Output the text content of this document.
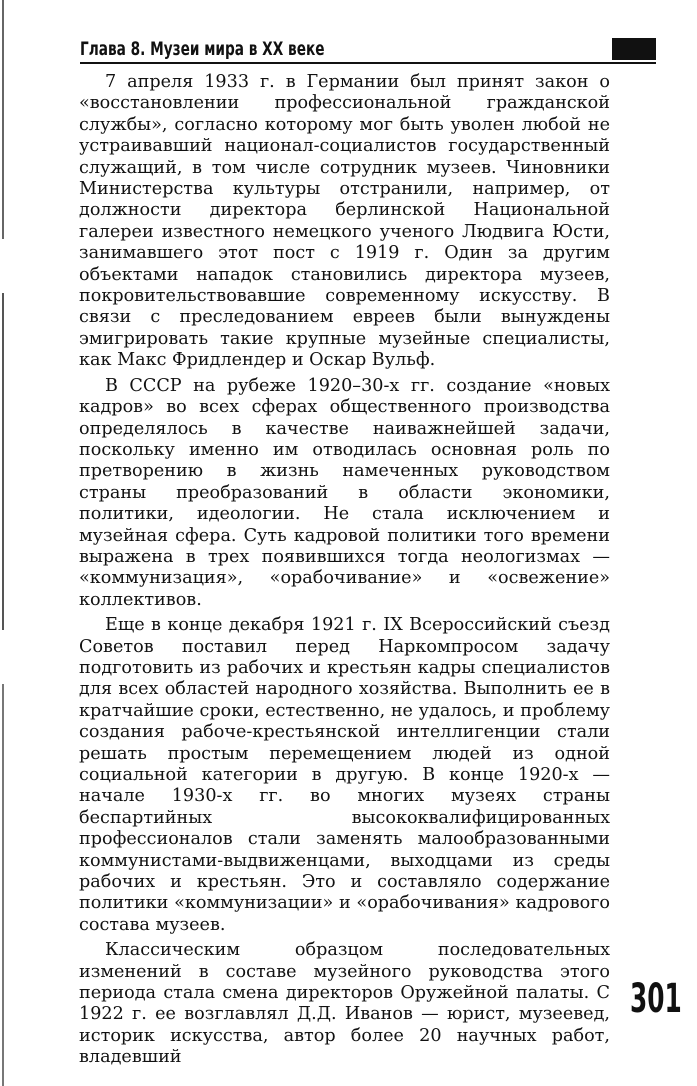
Глава 8. Музеи мира в XX веке

7 апреля 1933 г. в Германии был принят закон о «восстановлении профессиональной гражданской службы», согласно которому мог быть уволен любой не устраивавший национал-социалистов государственный служащий, в том числе сотрудник музеев. Чиновники Министерства культуры отстранили, например, от должности директора берлинской Национальной галереи известного немецкого ученого Людвига Юсти, занимавшего этот пост с 1919 г. Один за другим объектами нападок становились директора музеев, покровительствовавшие современному искусству. В связи с преследованием евреев были вынуждены эмигрировать такие крупные музейные специалисты, как Макс Фридлендер и Оскар Вульф.

В СССР на рубеже 1920–30-х гг. создание «новых кадров» во всех сферах общественного производства определялось в качестве наиважнейшей задачи, поскольку именно им отводилась основная роль по претворению в жизнь намеченных руководством страны преобразований в области экономики, политики, идеологии. Не стала исключением и музейная сфера. Суть кадровой политики того времени выражена в трех появившихся тогда неологизмах — «коммунизация», «орабочивание» и «освежение» коллективов.

Еще в конце декабря 1921 г. IX Всероссийский съезд Советов поставил перед Наркомпросом задачу подготовить из рабочих и крестьян кадры специалистов для всех областей народного хозяйства. Выполнить ее в кратчайшие сроки, естественно, не удалось, и проблему создания рабоче-крестьянской интеллигенции стали решать простым перемещением людей из одной социальной категории в другую. В конце 1920-х — начале 1930-х гг. во многих музеях страны беспартийных высококвалифицированных профессионалов стали заменять малообразованными коммунистами-выдвиженцами, выходцами из среды рабочих и крестьян. Это и составляло содержание политики «коммунизации» и «орабочивания» кадрового состава музеев.

Классическим образцом последовательных изменений в составе музейного руководства этого периода стала смена директоров Оружейной палаты. С 1922 г. ее возглавлял Д.Д. Иванов — юрист, музеевед, историк искусства, автор более 20 научных работ, владевший

301
